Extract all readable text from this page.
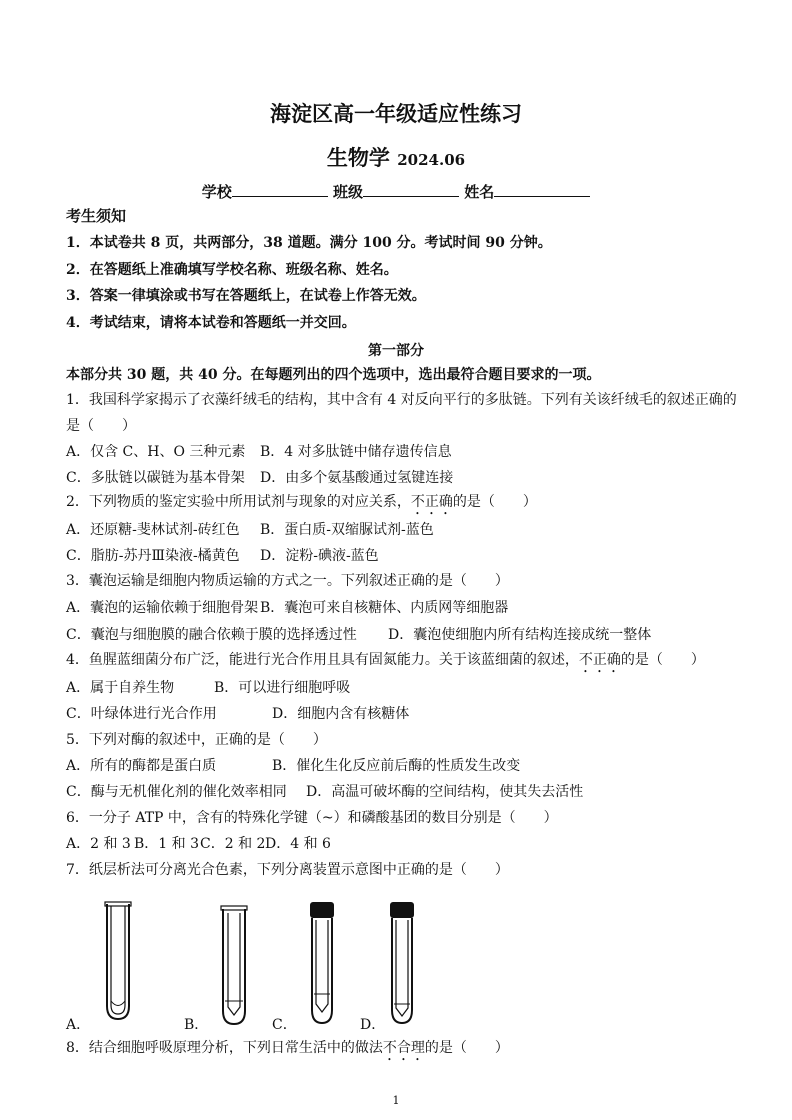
海淀区高一年级适应性练习
生物学 2024.06
学校	班级	姓名
考生须知
1．本试卷共 8 页，共两部分，38 道题。满分 100 分。考试时间 90 分钟。
2．在答题纸上准确填写学校名称、班级名称、姓名。
3．答案一律填涂或书写在答题纸上，在试卷上作答无效。
4．考试结束，请将本试卷和答题纸一并交回。
第一部分
本部分共 30 题，共 40 分。在每题列出的四个选项中，选出最符合题目要求的一项。
1．我国科学家揭示了衣藻纤绒毛的结构，其中含有 4 对反向平行的多肽链。下列有关该纤绒毛的叙述正确的
是（　　）
A．仅含 C、H、O 三种元素 B．4 对多肽链中储存遗传信息
C．多肽链以碳链为基本骨架 D．由多个氨基酸通过氢键连接
2．下列物质的鉴定实验中所用试剂与现象的对应关系，不正确的是（　　）
A．还原糖-斐林试剂-砖红色 B．蛋白质-双缩脲试剂-蓝色
C．脂肪-苏丹Ⅲ染液-橘黄色 D．淀粉-碘液-蓝色
3．囊泡运输是细胞内物质运输的方式之一。下列叙述正确的是（　　）
A．囊泡的运输依赖于细胞骨架 B．囊泡可来自核糖体、内质网等细胞器
C．囊泡与细胞膜的融合依赖于膜的选择透过性 D．囊泡使细胞内所有结构连接成统一整体
4．鱼腥蓝细菌分布广泛，能进行光合作用且具有固氮能力。关于该蓝细菌的叙述，不正确的是（　　）
A．属于自养生物	B．可以进行细胞呼吸
C．叶绿体进行光合作用	D．细胞内含有核糖体
5．下列对酶的叙述中，正确的是（　　）
A．所有的酶都是蛋白质	B．催化生化反应前后酶的性质发生改变
C．酶与无机催化剂的催化效率相同 D．高温可破坏酶的空间结构，使其失去活性
6．一分子 ATP 中，含有的特殊化学键（~）和磷酸基团的数目分别是（　　）
A．2 和 3 B．1 和 3 C．2 和 2 D．4 和 6
7．纸层析法可分离光合色素，下列分离装置示意图中正确的是（　　）
A．	B．	C．	D．
8．结合细胞呼吸原理分析，下列日常生活中的做法不合理的是（　　）
1
